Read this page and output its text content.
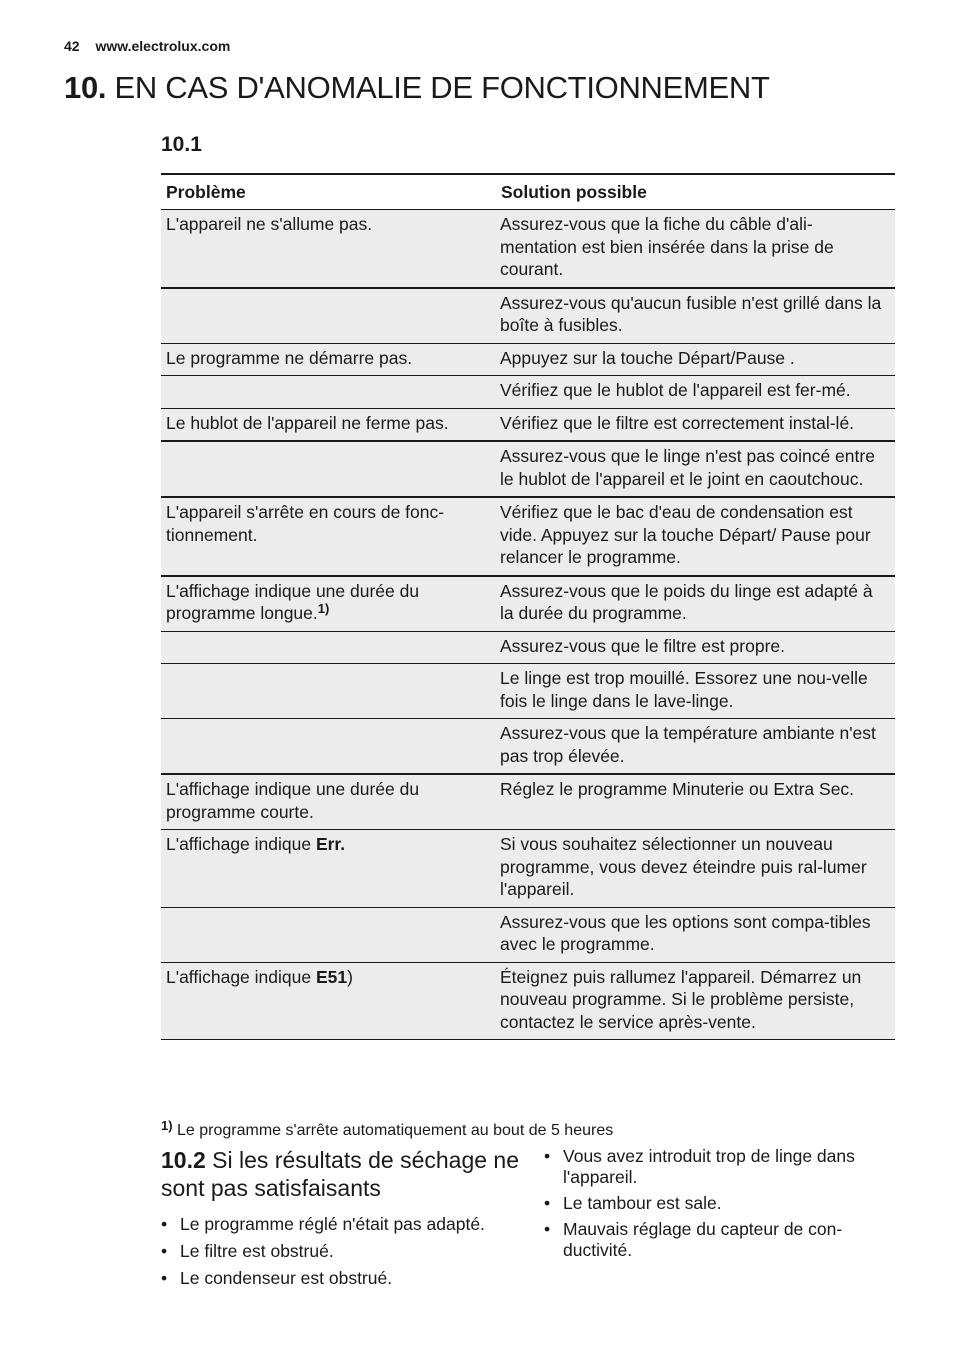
42 www.electrolux.com
10. EN CAS D'ANOMALIE DE FONCTIONNEMENT
10.1
Problème	Solution possible
L'appareil ne s'allume pas.	Assurez-vous que la fiche du câble d'ali-mentation est bien insérée dans la prise de courant.
	Assurez-vous qu'aucun fusible n'est grillé dans la boîte à fusibles.
Le programme ne démarre pas.	Appuyez sur la touche Départ/Pause .
	Vérifiez que le hublot de l'appareil est fer-mé.
Le hublot de l'appareil ne ferme pas.	Vérifiez que le filtre est correctement instal-lé.
	Assurez-vous que le linge n'est pas coincé entre le hublot de l'appareil et le joint en caoutchouc.
L'appareil s'arrête en cours de fonc-tionnement.	Vérifiez que le bac d'eau de condensation est vide. Appuyez sur la touche Départ/ Pause pour relancer le programme.
L'affichage indique une durée du programme longue.$^{1)}$	Assurez-vous que le poids du linge est adapté à la durée du programme.
	Assurez-vous que le filtre est propre.
	Le linge est trop mouillé. Essorez une nou-velle fois le linge dans le lave-linge.
	Assurez-vous que la température ambiante n'est pas trop élevée.
L'affichage indique une durée du programme courte.	Réglez le programme Minuterie ou Extra Sec.
L'affichage indique Err.	Si vous souhaitez sélectionner un nouveau programme, vous devez éteindre puis ral-lumer l'appareil.
	Assurez-vous que les options sont compa-tibles avec le programme.
L'affichage indique E51)	Éteignez puis rallumez l'appareil. Démarrez un nouveau programme. Si le problème persiste, contactez le service après-vente.
$^{1)}$ Le programme s'arrête automatiquement au bout de 5 heures
10.2 Si les résultats de séchage ne sont pas satisfaisants
• Le programme réglé n'était pas adapté.
• Le filtre est obstrué.
• Le condenseur est obstrué.
• Vous avez introduit trop de linge dans l'appareil.
• Le tambour est sale.
• Mauvais réglage du capteur de con-ductivité.
